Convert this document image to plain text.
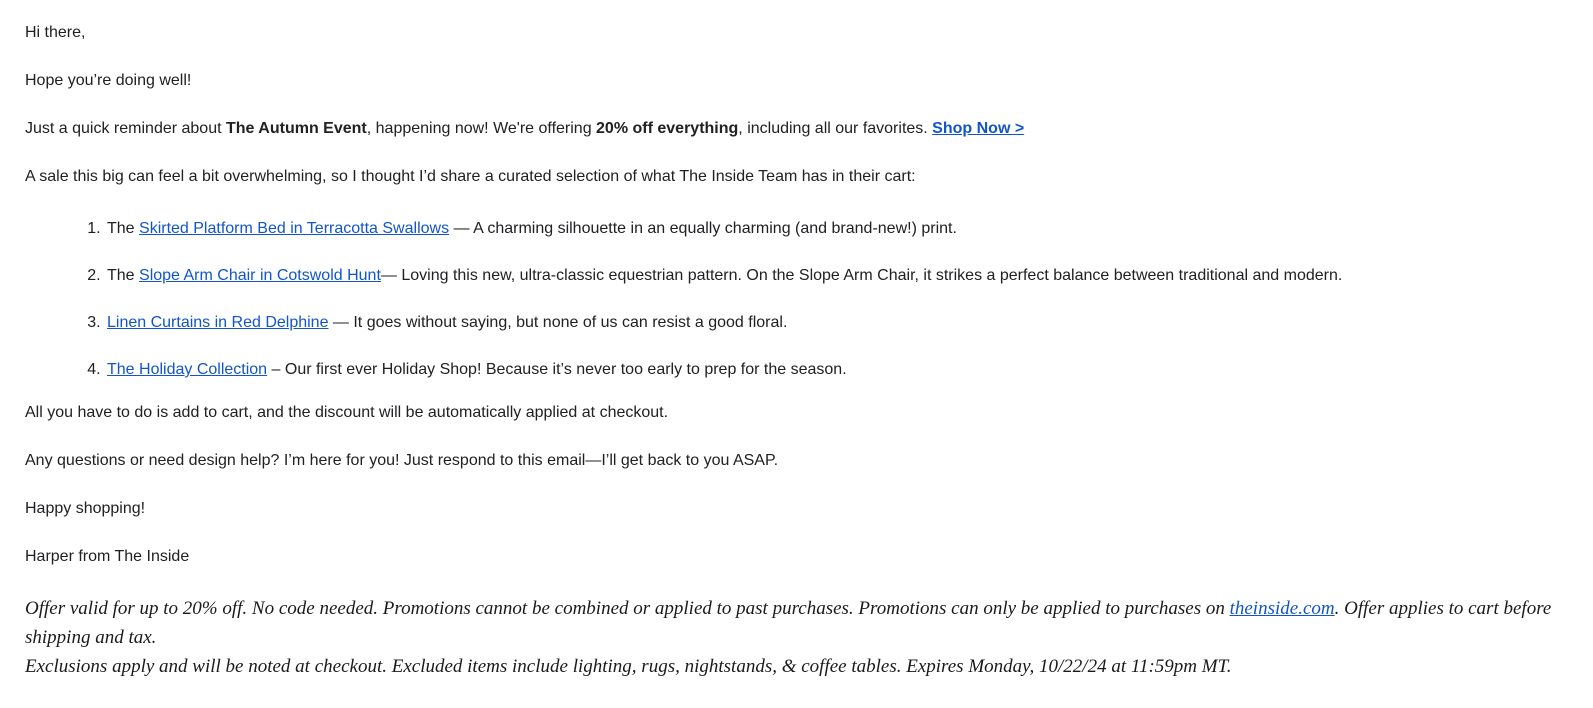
Hi there,

Hope you’re doing well!

Just a quick reminder about The Autumn Event, happening now! We're offering 20% off everything, including all our favorites. Shop Now >

A sale this big can feel a bit overwhelming, so I thought I’d share a curated selection of what The Inside Team has in their cart:

1. The Skirted Platform Bed in Terracotta Swallows — A charming silhouette in an equally charming (and brand-new!) print.
2. The Slope Arm Chair in Cotswold Hunt— Loving this new, ultra-classic equestrian pattern. On the Slope Arm Chair, it strikes a perfect balance between traditional and modern.
3. Linen Curtains in Red Delphine — It goes without saying, but none of us can resist a good floral.
4. The Holiday Collection – Our first ever Holiday Shop! Because it’s never too early to prep for the season.

All you have to do is add to cart, and the discount will be automatically applied at checkout.

Any questions or need design help? I’m here for you! Just respond to this email—I’ll get back to you ASAP.

Happy shopping!

Harper from The Inside

Offer valid for up to 20% off. No code needed. Promotions cannot be combined or applied to past purchases. Promotions can only be applied to purchases on theinside.com. Offer applies to cart before shipping and tax.
Exclusions apply and will be noted at checkout. Excluded items include lighting, rugs, nightstands, & coffee tables. Expires Monday, 10/22/24 at 11:59pm MT.
